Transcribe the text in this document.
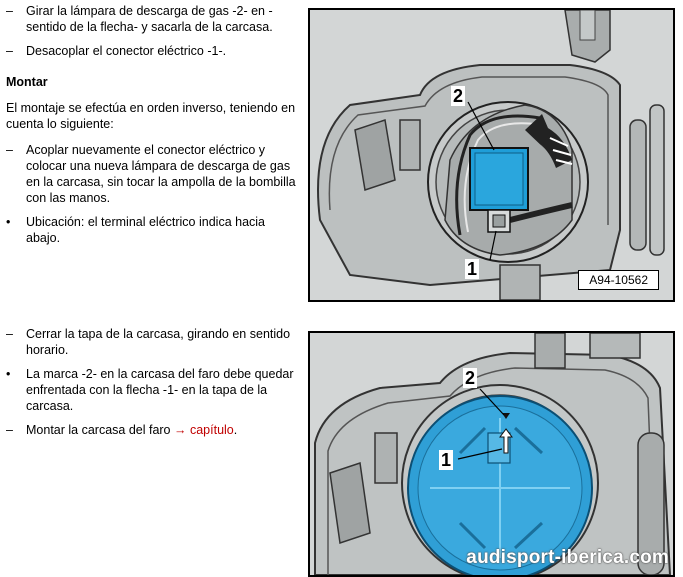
–	Girar la lámpara de descarga de gas -2- en -sentido de la flecha- y sacarla de la carcasa.
–	Desacoplar el conector eléctrico -1-.
Montar
El montaje se efectúa en orden inverso, teniendo en cuenta lo siguiente:
–	Acoplar nuevamente el conector eléctrico y colocar una nueva lámpara de descarga de gas en la carcasa, sin tocar la ampolla de la bombilla con las manos.
•	Ubicación: el terminal eléctrico indica hacia abajo.
–	Cerrar la tapa de la carcasa, girando en sentido horario.
•	La marca -2- en la carcasa del faro debe quedar enfrentada con la flecha -1- en la tapa de la carcasa.
–	Montar la carcasa del faro → capítulo.
2
1
A94-10562
2
1
audisport-iberica.com
